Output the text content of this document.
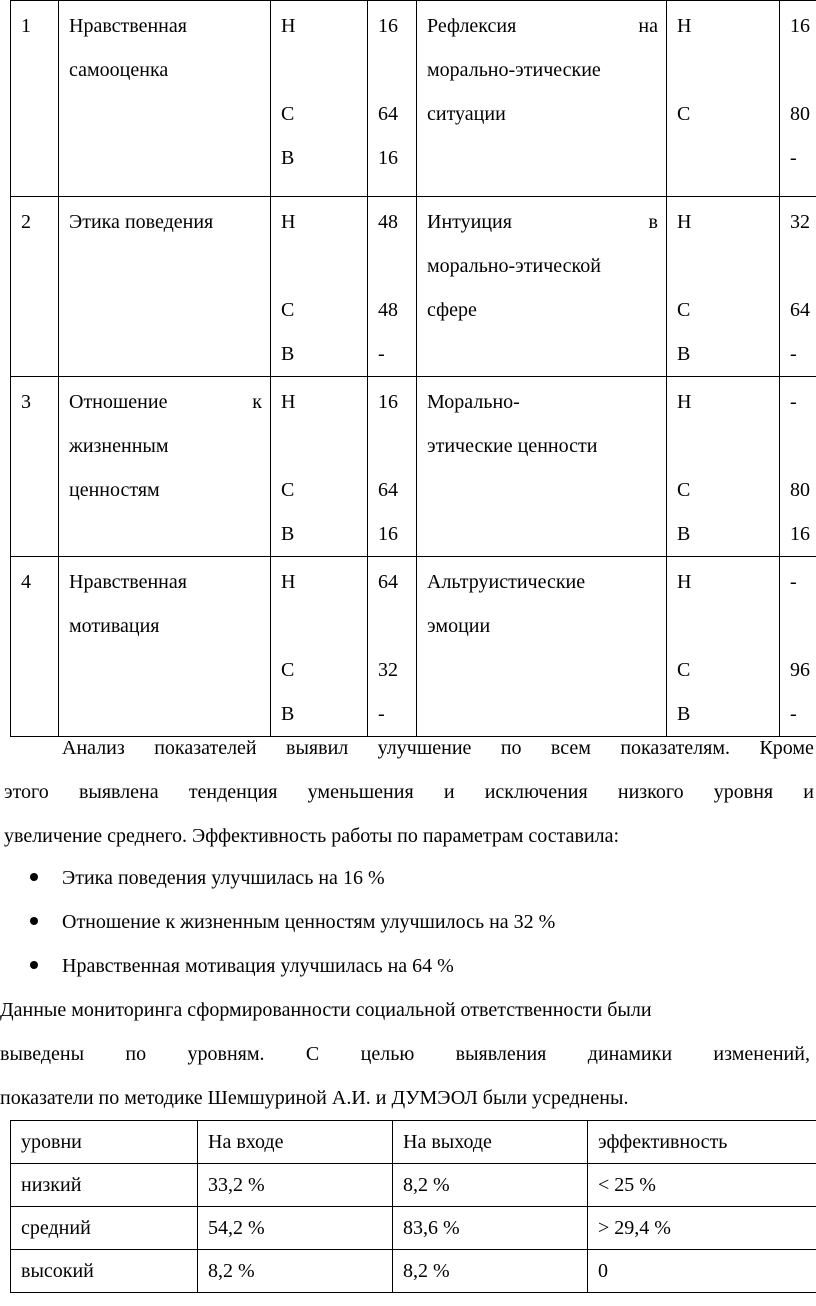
1	Нравственная
самооценка	Н
С
В	16
64
16	Рефлексия на
морально-этические
ситуации	Н
С	16
80
-

2	Этика поведения	Н
С
В	48
48
-	Интуиция в
морально-этической
сфере	Н
С
В	32
64
-

3	Отношение к
жизненным
ценностям	Н
С
В	16
64
16	Морально-
этические ценности	Н
С
В	-
80
16

4	Нравственная
мотивация	Н
С
В	64
32
-	Альтруистические
эмоции	Н
С
В	-
96
-
Анализ показателей выявил улучшение по всем показателям. Кроме
этого выявлена тенденция уменьшения и исключения низкого уровня и
увеличение среднего. Эффективность работы по параметрам составила:
Этика поведения улучшилась на 16 %
Отношение к жизненным ценностям улучшилось на 32 %
Нравственная мотивация улучшилась на 64 %
Данные мониторинга сформированности социальной ответственности были
выведены по уровням. С целью выявления динамики изменений,
показатели по методике Шемшуриной А.И. и ДУМЭОЛ были усреднены.
уровни	На входе	На выходе	эффективность
низкий	33,2 %	8,2 %	< 25 %
средний	54,2 %	83,6 %	> 29,4 %
высокий	8,2 %	8,2 %	0
